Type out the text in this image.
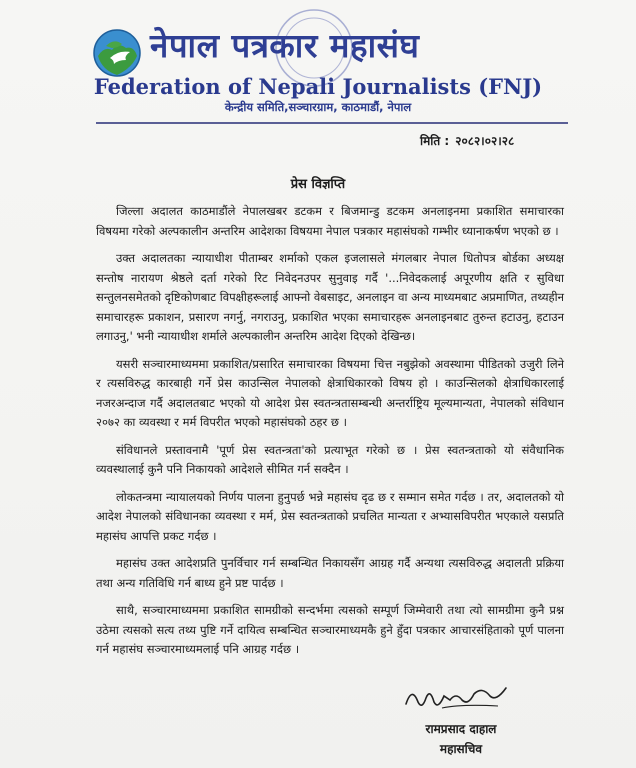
नेपाल पत्रकार महासंघ
Federation of Nepali Journalists (FNJ)
केन्द्रीय समिति,सञ्चारग्राम, काठमाडौं, नेपाल
मिति : २०८२।०२।२८
प्रेस विज्ञप्ति

जिल्ला अदालत काठमाडौंले नेपालखबर डटकम र बिजमान्डु डटकम अनलाइनमा प्रकाशित समाचारका विषयमा गरेको अल्पकालीन अन्तरिम आदेशका विषयमा नेपाल पत्रकार महासंघको गम्भीर ध्यानाकर्षण भएको छ ।

उक्त अदालतका न्यायाधीश पीताम्बर शर्माको एकल इजलासले मंगलबार नेपाल धितोपत्र बोर्डका अध्यक्ष सन्तोष नारायण श्रेष्ठले दर्ता गरेको रिट निवेदनउपर सुनुवाइ गर्दै '...निवेदकलाई अपूरणीय क्षति र सुविधा सन्तुलनसमेतको दृष्टिकोणबाट विपक्षीहरूलाई आफ्नो वेबसाइट, अनलाइन वा अन्य माध्यमबाट अप्रमाणित, तथ्यहीन समाचारहरू प्रकाशन, प्रसारण नगर्नु, नगराउनु, प्रकाशित भएका समाचारहरू अनलाइनबाट तुरुन्त हटाउनु, हटाउन लगाउनु,' भनी न्यायाधीश शर्माले अल्पकालीन अन्तरिम आदेश दिएको देखिन्छ।

यसरी सञ्चारमाध्यममा प्रकाशित/प्रसारित समाचारका विषयमा चित्त नबुझेको अवस्थामा पीडितको उजुरी लिने र त्यसविरुद्ध कारबाही गर्ने प्रेस काउन्सिल नेपालको क्षेत्राधिकारको विषय हो । काउन्सिलको क्षेत्राधिकारलाई नजरअन्दाज गर्दै अदालतबाट भएको यो आदेश प्रेस स्वतन्त्रतासम्बन्धी अन्तर्राष्ट्रिय मूल्यमान्यता, नेपालको संविधान २०७२ का व्यवस्था र मर्म विपरीत भएको महासंघको ठहर छ ।

संविधानले प्रस्तावनामै 'पूर्ण प्रेस स्वतन्त्रता'को प्रत्याभूत गरेको छ । प्रेस स्वतन्त्रताको यो संवैधानिक व्यवस्थालाई कुनै पनि निकायको आदेशले सीमित गर्न सक्दैन ।

लोकतन्त्रमा न्यायालयको निर्णय पालना हुनुपर्छ भन्ने महासंघ दृढ छ र सम्मान समेत गर्दछ । तर, अदालतको यो आदेश नेपालको संविधानका व्यवस्था र मर्म, प्रेस स्वतन्त्रताको प्रचलित मान्यता र अभ्यासविपरीत भएकाले यसप्रति महासंघ आपत्ति प्रकट गर्दछ ।

महासंघ उक्त आदेशप्रति पुनर्विचार गर्न सम्बन्धित निकायसँग आग्रह गर्दै अन्यथा त्यसविरुद्ध अदालती प्रक्रिया तथा अन्य गतिविधि गर्न बाध्य हुने प्रष्ट पार्दछ ।

साथै, सञ्चारमाध्यममा प्रकाशित सामग्रीको सन्दर्भमा त्यसको सम्पूर्ण जिम्मेवारी तथा त्यो सामग्रीमा कुनै प्रश्न उठेमा त्यसको सत्य तथ्य पुष्टि गर्ने दायित्व सम्बन्धित सञ्चारमाध्यमकै हुने हुँदा पत्रकार आचारसंहिताको पूर्ण पालना गर्न महासंघ सञ्चारमाध्यमलाई पनि आग्रह गर्दछ ।

रामप्रसाद दाहाल
महासचिव
